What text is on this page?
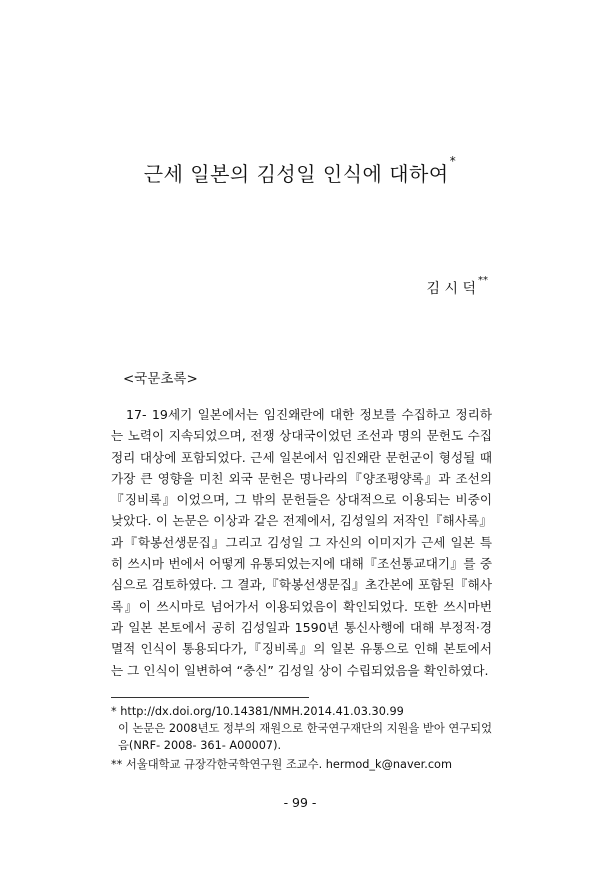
근세 일본의 김성일 인식에 대하여*
김 시 덕**
<국문초록>

17- 19세기 일본에서는 임진왜란에 대한 정보를 수집하고 정리하는 노력이 지속되었으며, 전쟁 상대국이었던 조선과 명의 문헌도 수집 정리 대상에 포함되었다. 근세 일본에서 임진왜란 문헌군이 형성될 때 가장 큰 영향을 미친 외국 문헌은 명나라의『양조평양록』과 조선의『징비록』이었으며, 그 밖의 문헌들은 상대적으로 이용되는 비중이 낮았다. 이 논문은 이상과 같은 전제에서, 김성일의 저작인『해사록』과『학봉선생문집』그리고 김성일 그 자신의 이미지가 근세 일본 특히 쓰시마 번에서 어떻게 유통되었는지에 대해『조선통교대기』를 중심으로 검토하였다. 그 결과,『학봉선생문집』초간본에 포함된『해사록』이 쓰시마로 넘어가서 이용되었음이 확인되었다. 또한 쓰시마번과 일본 본토에서 공히 김성일과 1590년 통신사행에 대해 부정적·경멸적 인식이 통용되다가,『징비록』의 일본 유통으로 인해 본토에서는 그 인식이 일변하여 “충신” 김성일 상이 수립되었음을 확인하였다.

* http://dx.doi.org/10.14381/NMH.2014.41.03.30.99
이 논문은 2008년도 정부의 재원으로 한국연구재단의 지원을 받아 연구되었음(NRF- 2008- 361- A00007).
** 서울대학교 규장각한국학연구원 조교수. hermod_k@naver.com
- 99 -
